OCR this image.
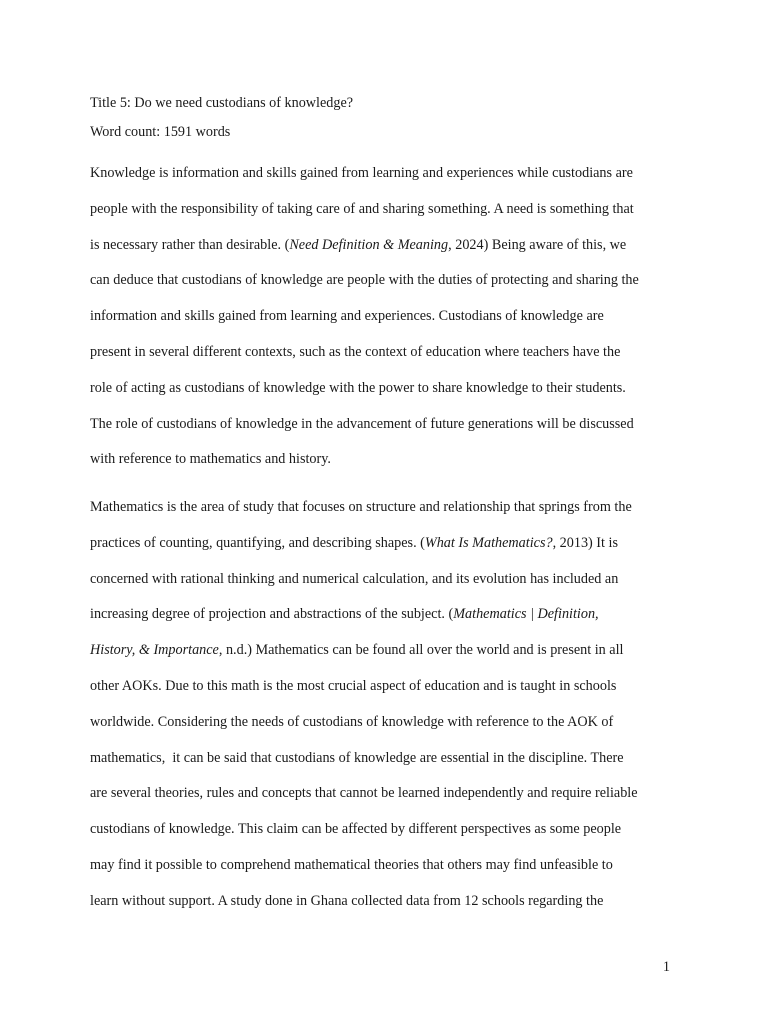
Title 5: Do we need custodians of knowledge?
Word count: 1591 words

Knowledge is information and skills gained from learning and experiences while custodians are
people with the responsibility of taking care of and sharing something. A need is something that
is necessary rather than desirable. (Need Definition & Meaning, 2024) Being aware of this, we
can deduce that custodians of knowledge are people with the duties of protecting and sharing the
information and skills gained from learning and experiences. Custodians of knowledge are
present in several different contexts, such as the context of education where teachers have the
role of acting as custodians of knowledge with the power to share knowledge to their students.
The role of custodians of knowledge in the advancement of future generations will be discussed
with reference to mathematics and history.

Mathematics is the area of study that focuses on structure and relationship that springs from the
practices of counting, quantifying, and describing shapes. (What Is Mathematics?, 2013) It is
concerned with rational thinking and numerical calculation, and its evolution has included an
increasing degree of projection and abstractions of the subject. (Mathematics | Definition,
History, & Importance, n.d.) Mathematics can be found all over the world and is present in all
other AOKs. Due to this math is the most crucial aspect of education and is taught in schools
worldwide. Considering the needs of custodians of knowledge with reference to the AOK of
mathematics,  it can be said that custodians of knowledge are essential in the discipline. There
are several theories, rules and concepts that cannot be learned independently and require reliable
custodians of knowledge. This claim can be affected by different perspectives as some people
may find it possible to comprehend mathematical theories that others may find unfeasible to
learn without support. A study done in Ghana collected data from 12 schools regarding the

1
